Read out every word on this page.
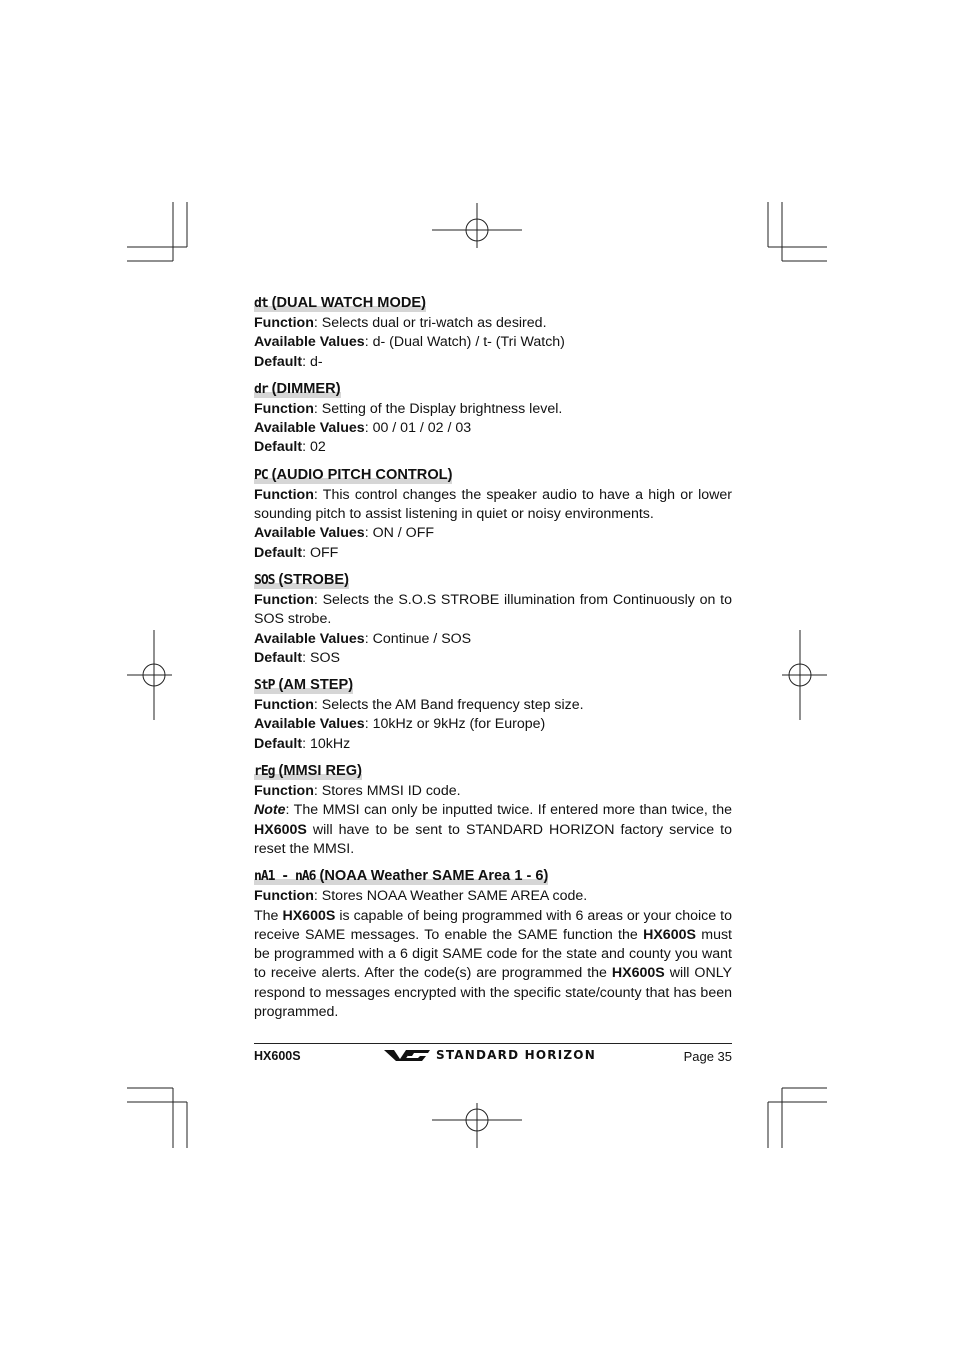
dt (DUAL WATCH MODE)

Function: Selects dual or tri-watch as desired.

Available Values: d- (Dual Watch) / t- (Tri Watch)

Default: d-

dr (DIMMER)

Function: Setting of the Display brightness level.

Available Values: 00 / 01 / 02 / 03

Default: 02

PC (AUDIO PITCH CONTROL)

Function: This control changes the speaker audio to have a high or lower sounding pitch to assist listening in quiet or noisy environments.

Available Values: ON / OFF

Default: OFF

SOS (STROBE)

Function: Selects the S.O.S STROBE illumination from Continuously on to SOS strobe.

Available Values: Continue / SOS

Default: SOS

StP (AM STEP)

Function: Selects the AM Band frequency step size.

Available Values: 10kHz or 9kHz (for Europe)

Default: 10kHz

rEg (MMSI REG)

Function: Stores MMSI ID code.

Note: The MMSI can only be inputted twice. If entered more than twice, the HX600S will have to be sent to STANDARD HORIZON factory service to reset the MMSI.

nA1 - nA6 (NOAA Weather SAME Area 1 - 6)

Function: Stores NOAA Weather SAME AREA code.

The HX600S is capable of being programmed with 6 areas or your choice to receive SAME messages. To enable the SAME function the HX600S must be programmed with a 6 digit SAME code for the state and county you want to receive alerts. After the code(s) are programmed the HX600S will ONLY respond to messages encrypted with the specific state/county that has been programmed.

HX600S	STANDARD HORIZON	Page 35
